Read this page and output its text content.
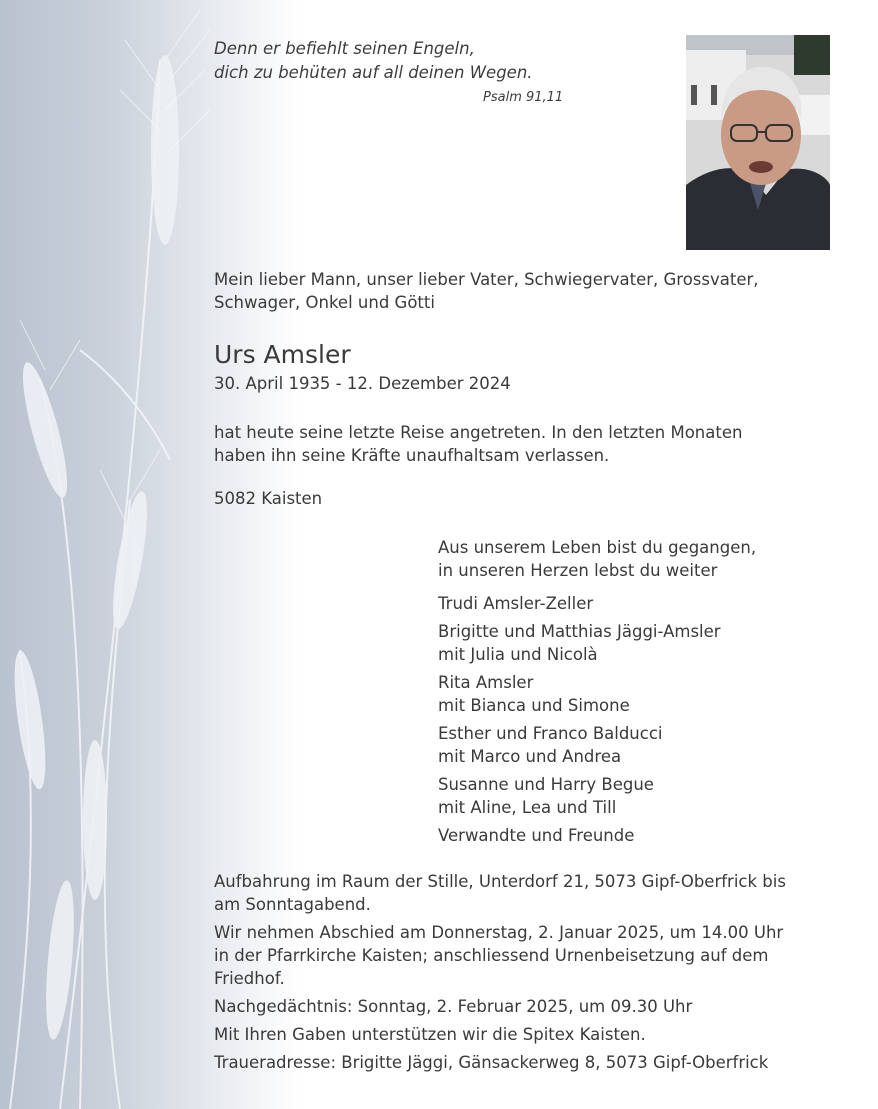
Denn er befiehlt seinen Engeln,
dich zu behüten auf all deinen Wegen.
Psalm 91,11
Mein lieber Mann, unser lieber Vater, Schwiegervater, Grossvater,
Schwager, Onkel und Götti
Urs Amsler
30. April 1935 - 12. Dezember 2024
hat heute seine letzte Reise angetreten. In den letzten Monaten
haben ihn seine Kräfte unaufhaltsam verlassen.
5082 Kaisten
Aus unserem Leben bist du gegangen,
in unseren Herzen lebst du weiter
Trudi Amsler-Zeller
Brigitte und Matthias Jäggi-Amsler
mit Julia und Nicolà
Rita Amsler
mit Bianca und Simone
Esther und Franco Balducci
mit Marco und Andrea
Susanne und Harry Begue
mit Aline, Lea und Till
Verwandte und Freunde
Aufbahrung im Raum der Stille, Unterdorf 21, 5073 Gipf-Oberfrick bis
am Sonntagabend.
Wir nehmen Abschied am Donnerstag, 2. Januar 2025, um 14.00 Uhr
in der Pfarrkirche Kaisten; anschliessend Urnenbeisetzung auf dem
Friedhof.
Nachgedächtnis: Sonntag, 2. Februar 2025, um 09.30 Uhr
Mit Ihren Gaben unterstützen wir die Spitex Kaisten.
Traueradresse: Brigitte Jäggi, Gänsackerweg 8, 5073 Gipf-Oberfrick
